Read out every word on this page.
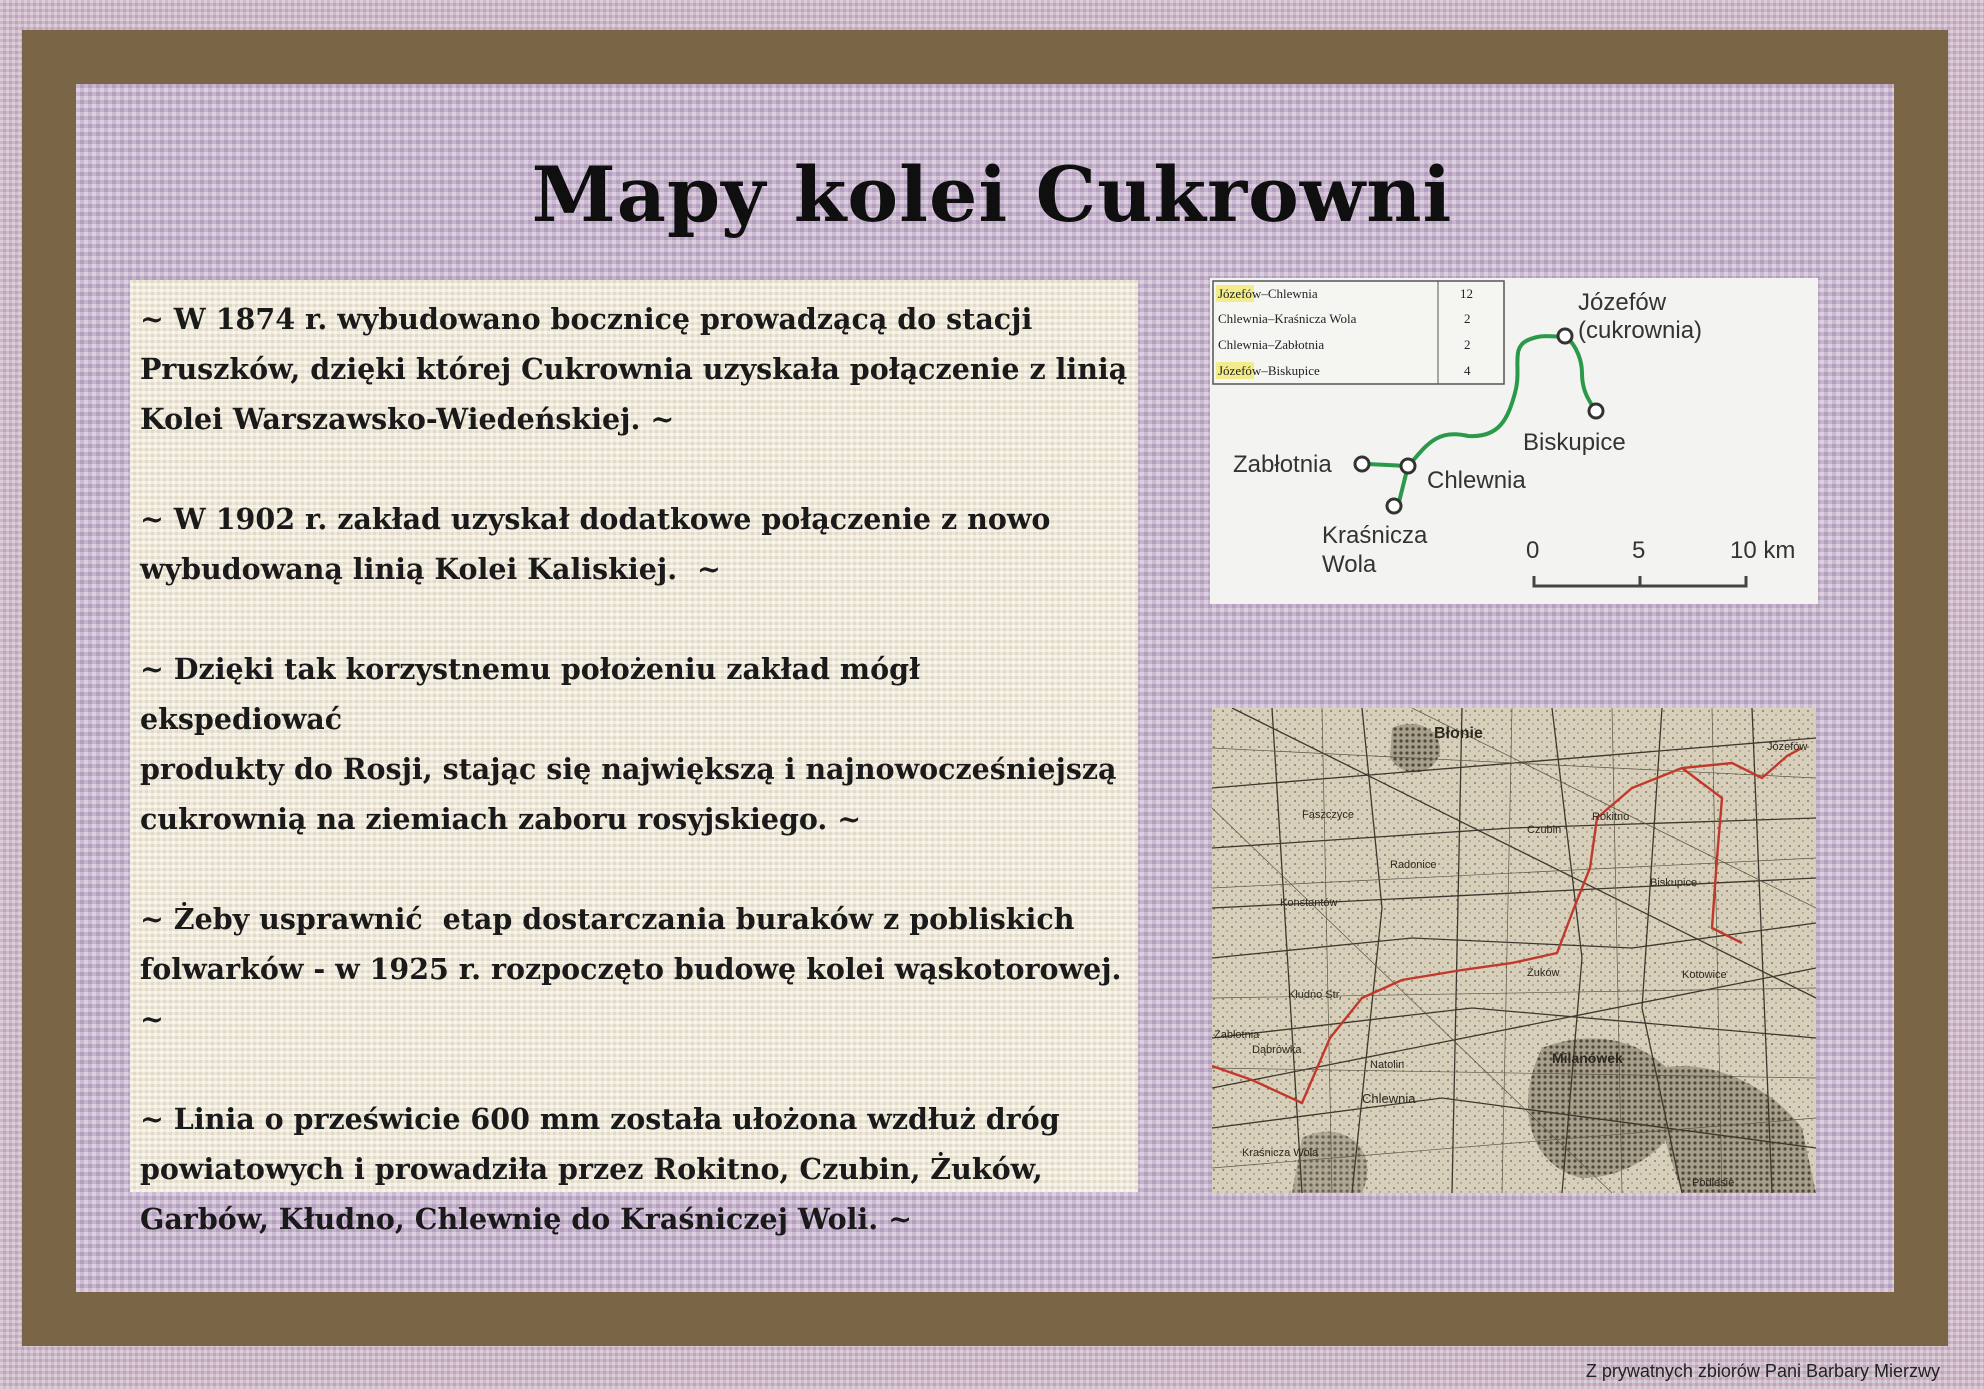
Mapy kolei Cukrowni

~ W 1874 r. wybudowano bocznicę prowadzącą do stacji
Pruszków, dzięki której Cukrownia uzyskała połączenie z linią
Kolei Warszawsko-Wiedeńskiej. ~

~ W 1902 r. zakład uzyskał dodatkowe połączenie z nowo
wybudowaną linią Kolei Kaliskiej.  ~

~ Dzięki tak korzystnemu położeniu zakład mógł ekspediować
produkty do Rosji, stając się największą i najnowocześniejszą
cukrownią na ziemiach zaboru rosyjskiego. ~

~ Żeby usprawnić  etap dostarczania buraków z pobliskich
folwarków - w 1925 r. rozpoczęto budowę kolei wąskotorowej. ~

~ Linia o prześwicie 600 mm została ułożona wzdłuż dróg
powiatowych i prowadziła przez Rokitno, Czubin, Żuków,
Garbów, Kłudno, Chlewnię do Kraśniczej Woli. ~

Józefów–Chlewnia	12
Chlewnia–Kraśnicza Wola	2
Chlewnia–Zabłotnia	2
Józefów–Biskupice	4
Józefów
(cukrownia)
Biskupice
Zabłotnia
Chlewnia
Kraśnicza
Wola
0	5	10 km
Błonie
Rokitno
Czubin
Biskupice
Żuków
Chlewnia
Kraśnicza Wola
Milanówek
Konstantów
Zabłotnia
Kłudno Str.
Dąbrówka
Józefów
Podlesie
Radonice
Faszczyce
Natolin
Kotowice
Z prywatnych zbiorów Pani Barbary Mierzwy
